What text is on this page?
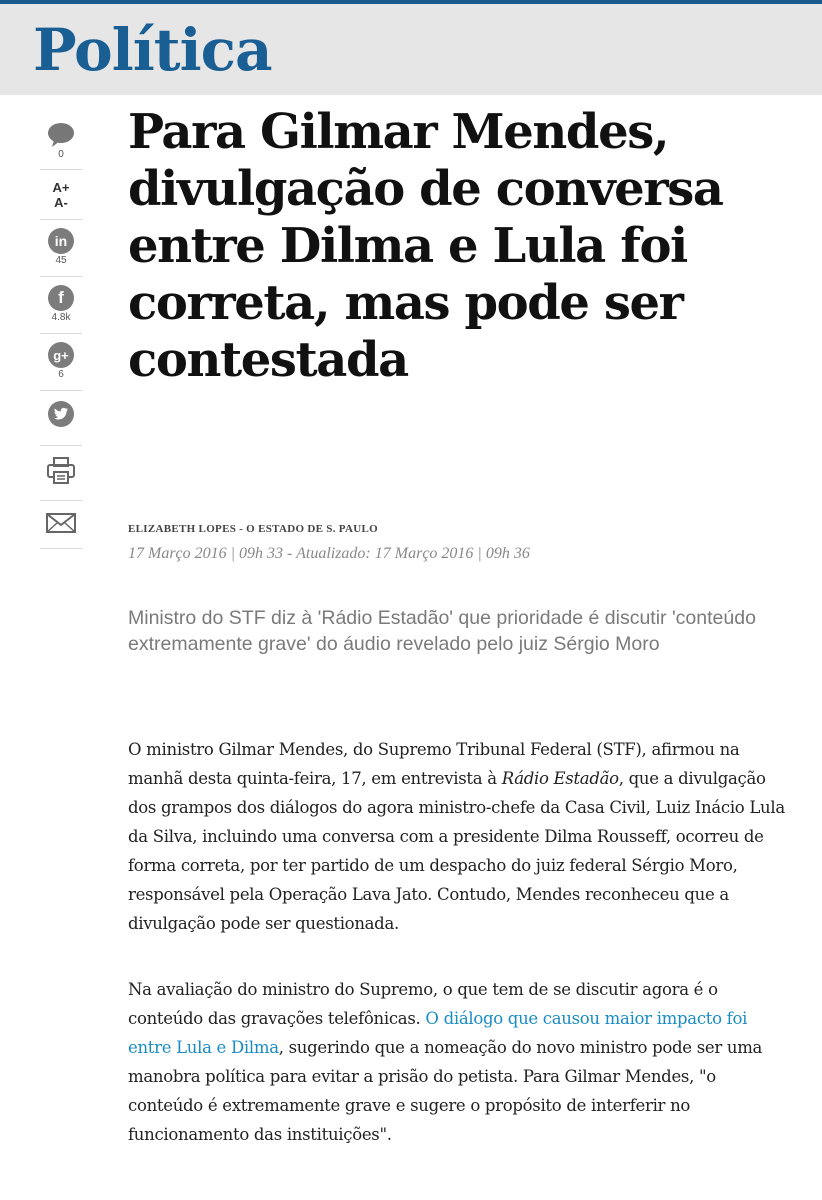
Política
0
A+
A-
in
45
f
4.8k
g+
6
Para Gilmar Mendes, divulgação de conversa entre Dilma e Lula foi correta, mas pode ser contestada
ELIZABETH LOPES - O ESTADO DE S. PAULO
17 Março 2016 | 09h 33 - Atualizado: 17 Março 2016 | 09h 36
Ministro do STF diz à 'Rádio Estadão' que prioridade é discutir 'conteúdo extremamente grave' do áudio revelado pelo juiz Sérgio Moro

O ministro Gilmar Mendes, do Supremo Tribunal Federal (STF), afirmou na manhã desta quinta-feira, 17, em entrevista à Rádio Estadão, que a divulgação dos grampos dos diálogos do agora ministro-chefe da Casa Civil, Luiz Inácio Lula da Silva, incluindo uma conversa com a presidente Dilma Rousseff, ocorreu de forma correta, por ter partido de um despacho do juiz federal Sérgio Moro, responsável pela Operação Lava Jato. Contudo, Mendes reconheceu que a divulgação pode ser questionada.

Na avaliação do ministro do Supremo, o que tem de se discutir agora é o conteúdo das gravações telefônicas. O diálogo que causou maior impacto foi entre Lula e Dilma, sugerindo que a nomeação do novo ministro pode ser uma manobra política para evitar a prisão do petista. Para Gilmar Mendes, "o conteúdo é extremamente grave e sugere o propósito de interferir no funcionamento das instituições".
